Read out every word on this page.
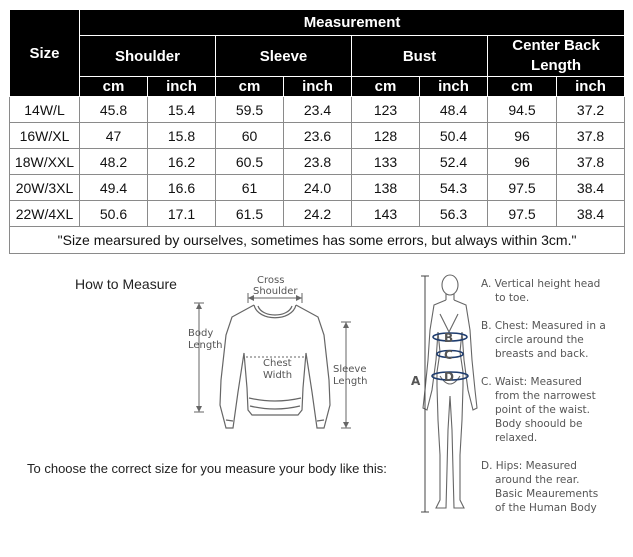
Size	Measurement							
	Shoulder		Sleeve		Bust		Center Back Length	
	cm	inch	cm	inch	cm	inch	cm	inch
14W/L	45.8	15.4	59.5	23.4	123	48.4	94.5	37.2
16W/XL	47	15.8	60	23.6	128	50.4	96	37.8
18W/XXL	48.2	16.2	60.5	23.8	133	52.4	96	37.8
20W/3XL	49.4	16.6	61	24.0	138	54.3	97.5	38.4
22W/4XL	50.6	17.1	61.5	24.2	143	56.3	97.5	38.4
"Size mearsured by ourselves, sometimes has some errors, but always within 3cm."								
How to Measure
To choose the correct size for you measure your body like this:
Cross
Shoulder
Body
Length
Chest
Width
Sleeve
Length	A
B
C
D
A. Vertical height head
to toe.
B. Chest: Measured in a
circle around the
breasts and back.
C. Waist: Measured
from the narrowest
point of the waist.
Body shoould be
relaxed.
D. Hips: Measured
around the rear.
Basic Meaurements
of the Human Body
